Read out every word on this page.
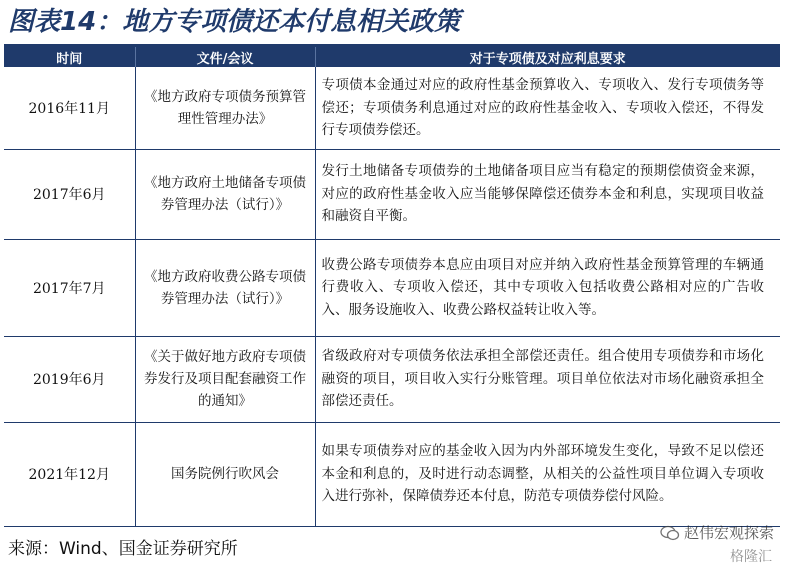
图表14：地方专项债还本付息相关政策
时间	文件/会议	对于专项债及对应利息要求
2016年11月	《地方政府专项债务预算管理性管理办法》	专项债本金通过对应的政府性基金预算收入、专项收入、发行专项债务等偿还；专项债务利息通过对应的政府性基金收入、专项收入偿还，不得发行专项债券偿还。
2017年6月	《地方政府土地储备专项债券管理办法（试行）》	发行土地储备专项债券的土地储备项目应当有稳定的预期偿债资金来源，对应的政府性基金收入应当能够保障偿还债券本金和利息，实现项目收益和融资自平衡。
2017年7月	《地方政府收费公路专项债券管理办法（试行）》	收费公路专项债券本息应由项目对应并纳入政府性基金预算管理的车辆通行费收入、专项收入偿还，其中专项收入包括收费公路相对应的广告收入、服务设施收入、收费公路权益转让收入等。
2019年6月	《关于做好地方政府专项债券发行及项目配套融资工作的通知》	省级政府对专项债务依法承担全部偿还责任。组合使用专项债券和市场化融资的项目，项目收入实行分账管理。项目单位依法对市场化融资承担全部偿还责任。
2021年12月	国务院例行吹风会	如果专项债券对应的基金收入因为内外部环境发生变化，导致不足以偿还本金和利息的，及时进行动态调整，从相关的公益性项目单位调入专项收入进行弥补，保障债券还本付息，防范专项债券偿付风险。
来源：Wind、国金证券研究所
赵伟宏观探索
格隆汇
